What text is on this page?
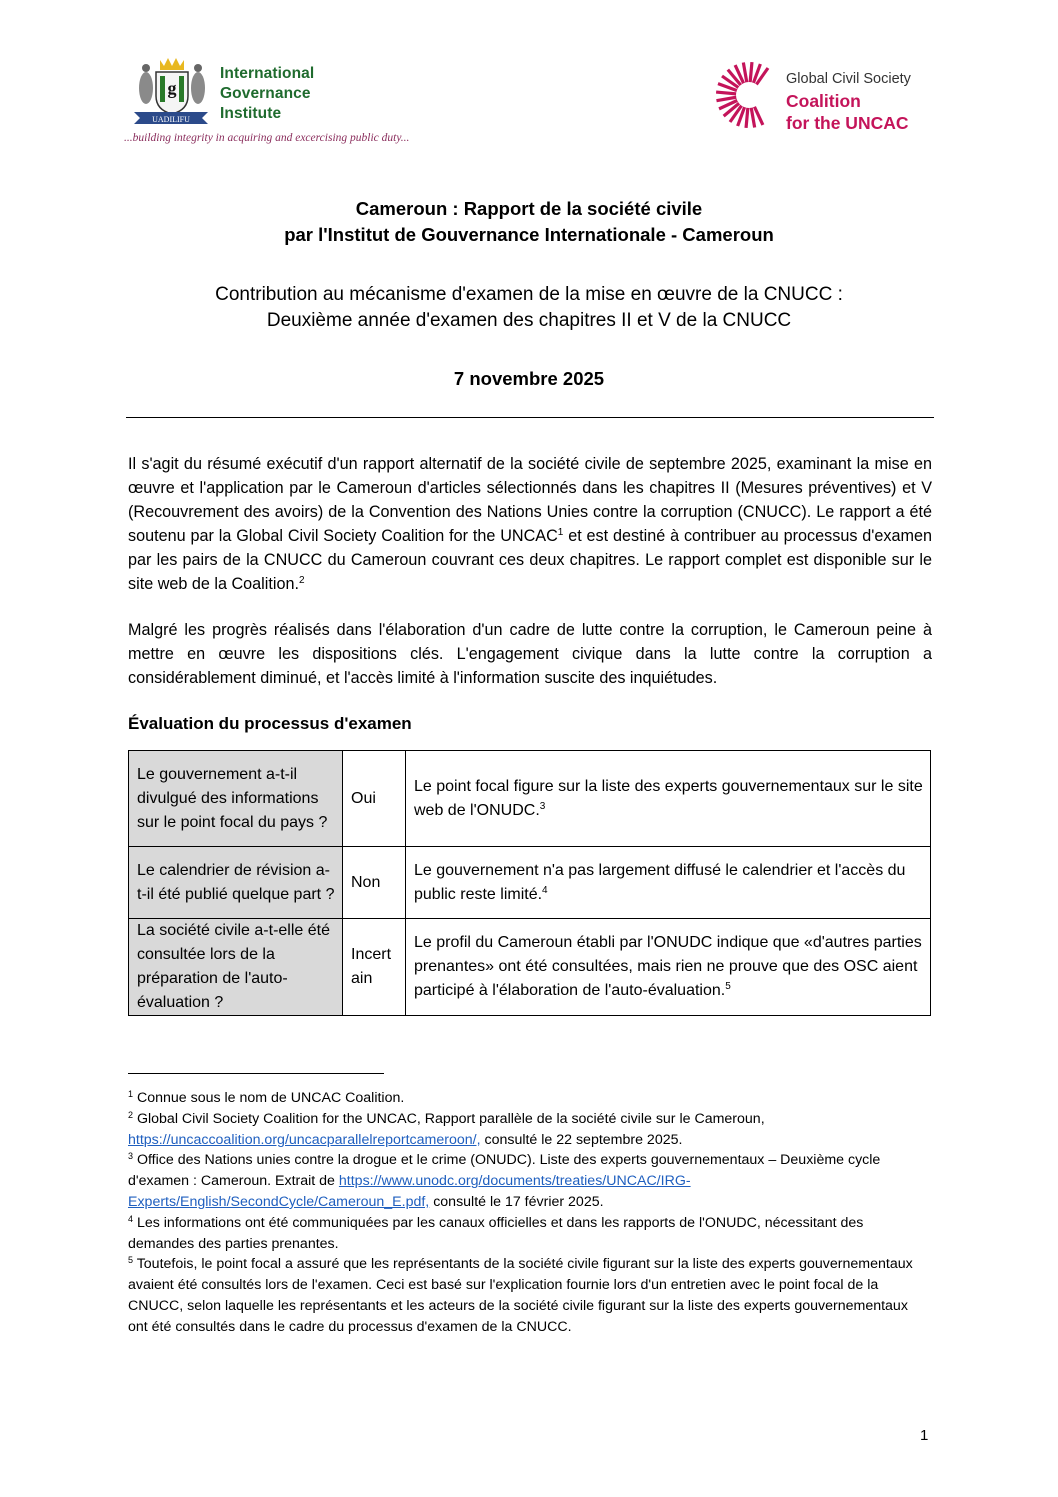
g
UADILIFU
International
Governance
Institute
...building integrity in acquiring and excercising public duty...
Global Civil Society
Coalition
for the UNCAC
Cameroun : Rapport de la société civile
par l'Institut de Gouvernance Internationale - Cameroun
Contribution au mécanisme d'examen de la mise en œuvre de la CNUCC :
Deuxième année d'examen des chapitres II et V de la CNUCC
7 novembre 2025
Il s'agit du résumé exécutif d'un rapport alternatif de la société civile de septembre 2025, examinant la mise en œuvre et l'application par le Cameroun d'articles sélectionnés dans les chapitres II (Mesures préventives) et V (Recouvrement des avoirs) de la Convention des Nations Unies contre la corruption (CNUCC). Le rapport a été soutenu par la Global Civil Society Coalition for the UNCAC$^1$ et est destiné à contribuer au processus d'examen par les pairs de la CNUCC du Cameroun couvrant ces deux chapitres. Le rapport complet est disponible sur le site web de la Coalition.$^2$
Malgré les progrès réalisés dans l'élaboration d'un cadre de lutte contre la corruption, le Cameroun peine à mettre en œuvre les dispositions clés. L'engagement civique dans la lutte contre la corruption a considérablement diminué, et l'accès limité à l'information suscite des inquiétudes.
Évaluation du processus d'examen
Le gouvernement a-t-il divulgué des informations sur le point focal du pays ?	Oui	Le point focal figure sur la liste des experts gouvernementaux sur le site web de l'ONUDC.$^3$
Le calendrier de révision a-t-il été publié quelque part ?	Non	Le gouvernement n'a pas largement diffusé le calendrier et l'accès du public reste limité.$^4$
La société civile a-t-elle été consultée lors de la préparation de l'auto-évaluation ?	Incert ain	Le profil du Cameroun établi par l'ONUDC indique que «d'autres parties prenantes» ont été consultées, mais rien ne prouve que des OSC aient participé à l'élaboration de l'auto-évaluation.$^5$

$^1$ Connue sous le nom de UNCAC Coalition.

$^2$ Global Civil Society Coalition for the UNCAC, Rapport parallèle de la société civile sur le Cameroun, https://uncaccoalition.org/uncacparallelreportcameroon/, consulté le 22 septembre 2025.

$^3$ Office des Nations unies contre la drogue et le crime (ONUDC). Liste des experts gouvernementaux – Deuxième cycle d'examen : Cameroun. Extrait de https://www.unodc.org/documents/treaties/UNCAC/IRG-Experts/English/SecondCycle/Cameroun_E.pdf, consulté le 17 février 2025.

$^4$ Les informations ont été communiquées par les canaux officielles et dans les rapports de l'ONUDC, nécessitant des demandes des parties prenantes.

$^5$ Toutefois, le point focal a assuré que les représentants de la société civile figurant sur la liste des experts gouvernementaux avaient été consultés lors de l'examen. Ceci est basé sur l'explication fournie lors d'un entretien avec le point focal de la CNUCC, selon laquelle les représentants et les acteurs de la société civile figurant sur la liste des experts gouvernementaux ont été consultés dans le cadre du processus d'examen de la CNUCC.

1
